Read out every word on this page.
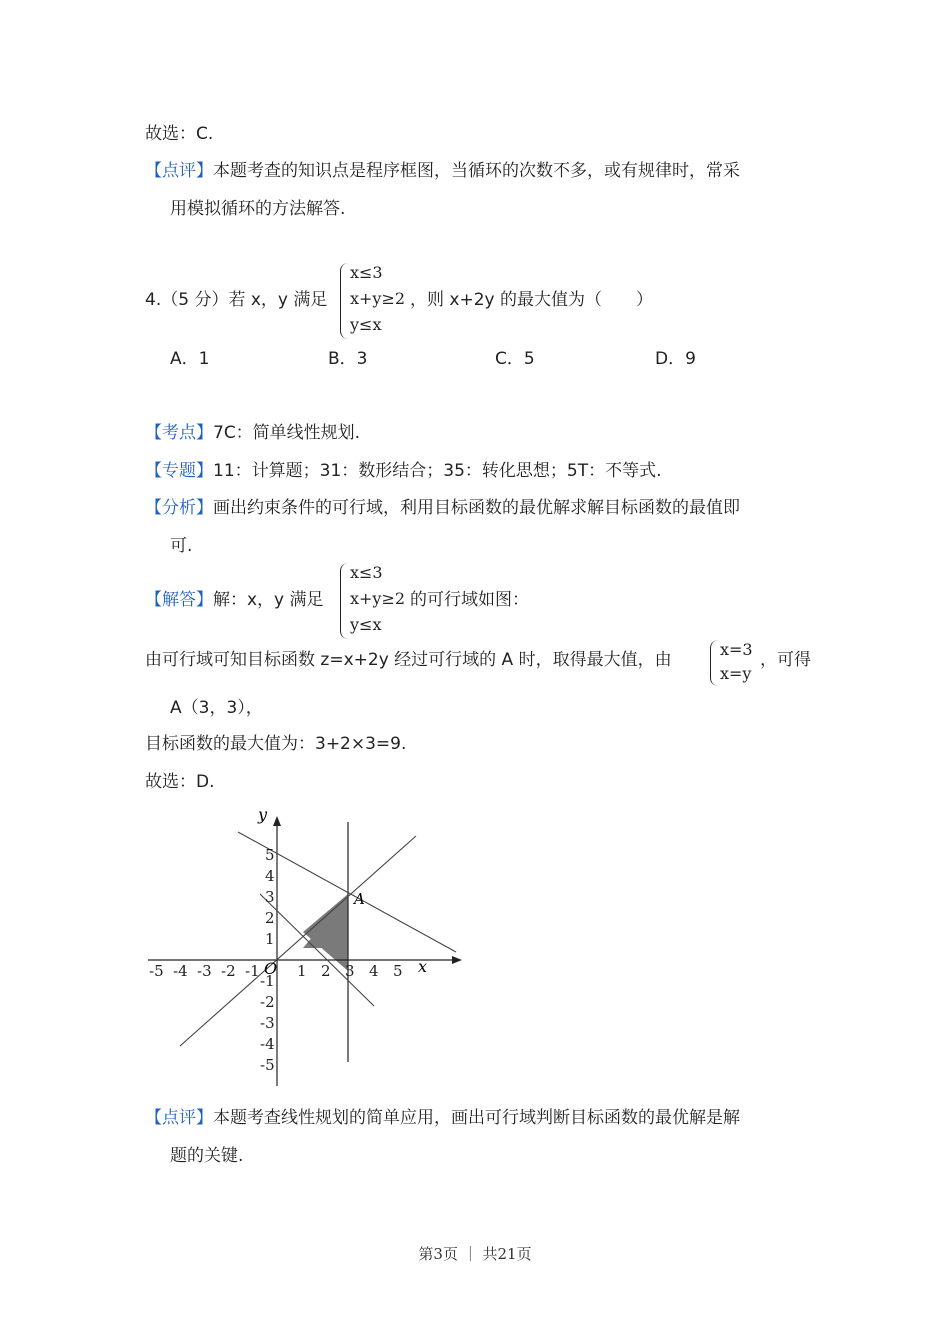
故选：C.
【点评】本题考查的知识点是程序框图，当循环的次数不多，或有规律时，常采
用模拟循环的方法解答.
4.（5 分）若 x，y 满足
x≤3
x+y≥2
y≤x
，则 x+2y 的最大值为（　　）
A．1	B．3	C．5	D．9
【考点】7C：简单线性规划.
【专题】11：计算题；31：数形结合；35：转化思想；5T：不等式.
【分析】画出约束条件的可行域，利用目标函数的最优解求解目标函数的最值即
可.
【解答】解：x，y 满足
x≤3
x+y≥2
y≤x
的可行域如图：
由可行域可知目标函数 z=x+2y 经过可行域的 A 时，取得最大值，由
x=3
x=y
，可得
A（3，3），
目标函数的最大值为：3+2×3=9.
故选：D.
-5 -4 -3 -2 -1 1 2 3 4 5
5
4
3
2
1
-1
-2
-3
-4
-5
x
y
O
A
【点评】本题考查线性规划的简单应用，画出可行域判断目标函数的最优解是解
题的关键.
第3页 ｜ 共21页
